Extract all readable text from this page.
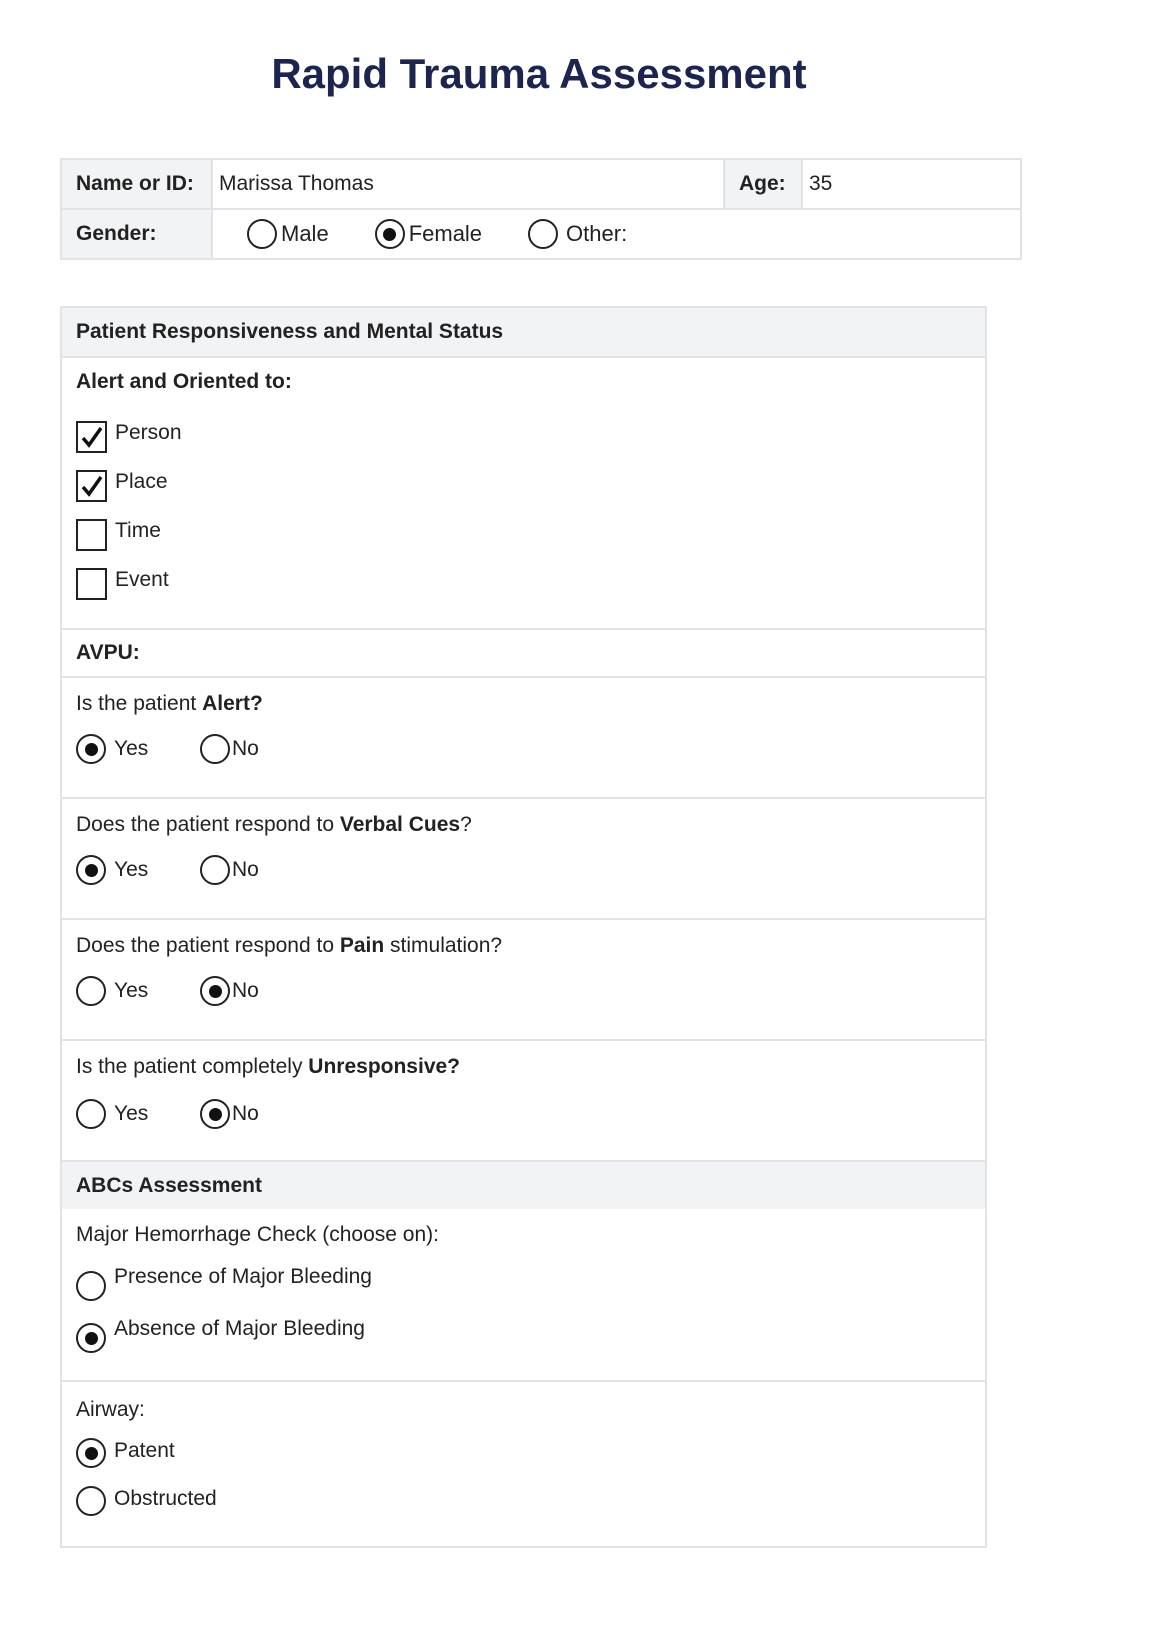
Rapid Trauma Assessment
Name or ID:	Marissa Thomas	Age:	35
Gender:	Male	Female	Other:
Patient Responsiveness and Mental Status
Alert and Oriented to:
Person
Place
Time
Event
AVPU:
Is the patient Alert?
Yes	No
Does the patient respond to Verbal Cues?
Yes	No
Does the patient respond to Pain stimulation?
Yes	No
Is the patient completely Unresponsive?
Yes	No
ABCs Assessment
Major Hemorrhage Check (choose on):
Presence of Major Bleeding
Absence of Major Bleeding
Airway:
Patent
Obstructed
